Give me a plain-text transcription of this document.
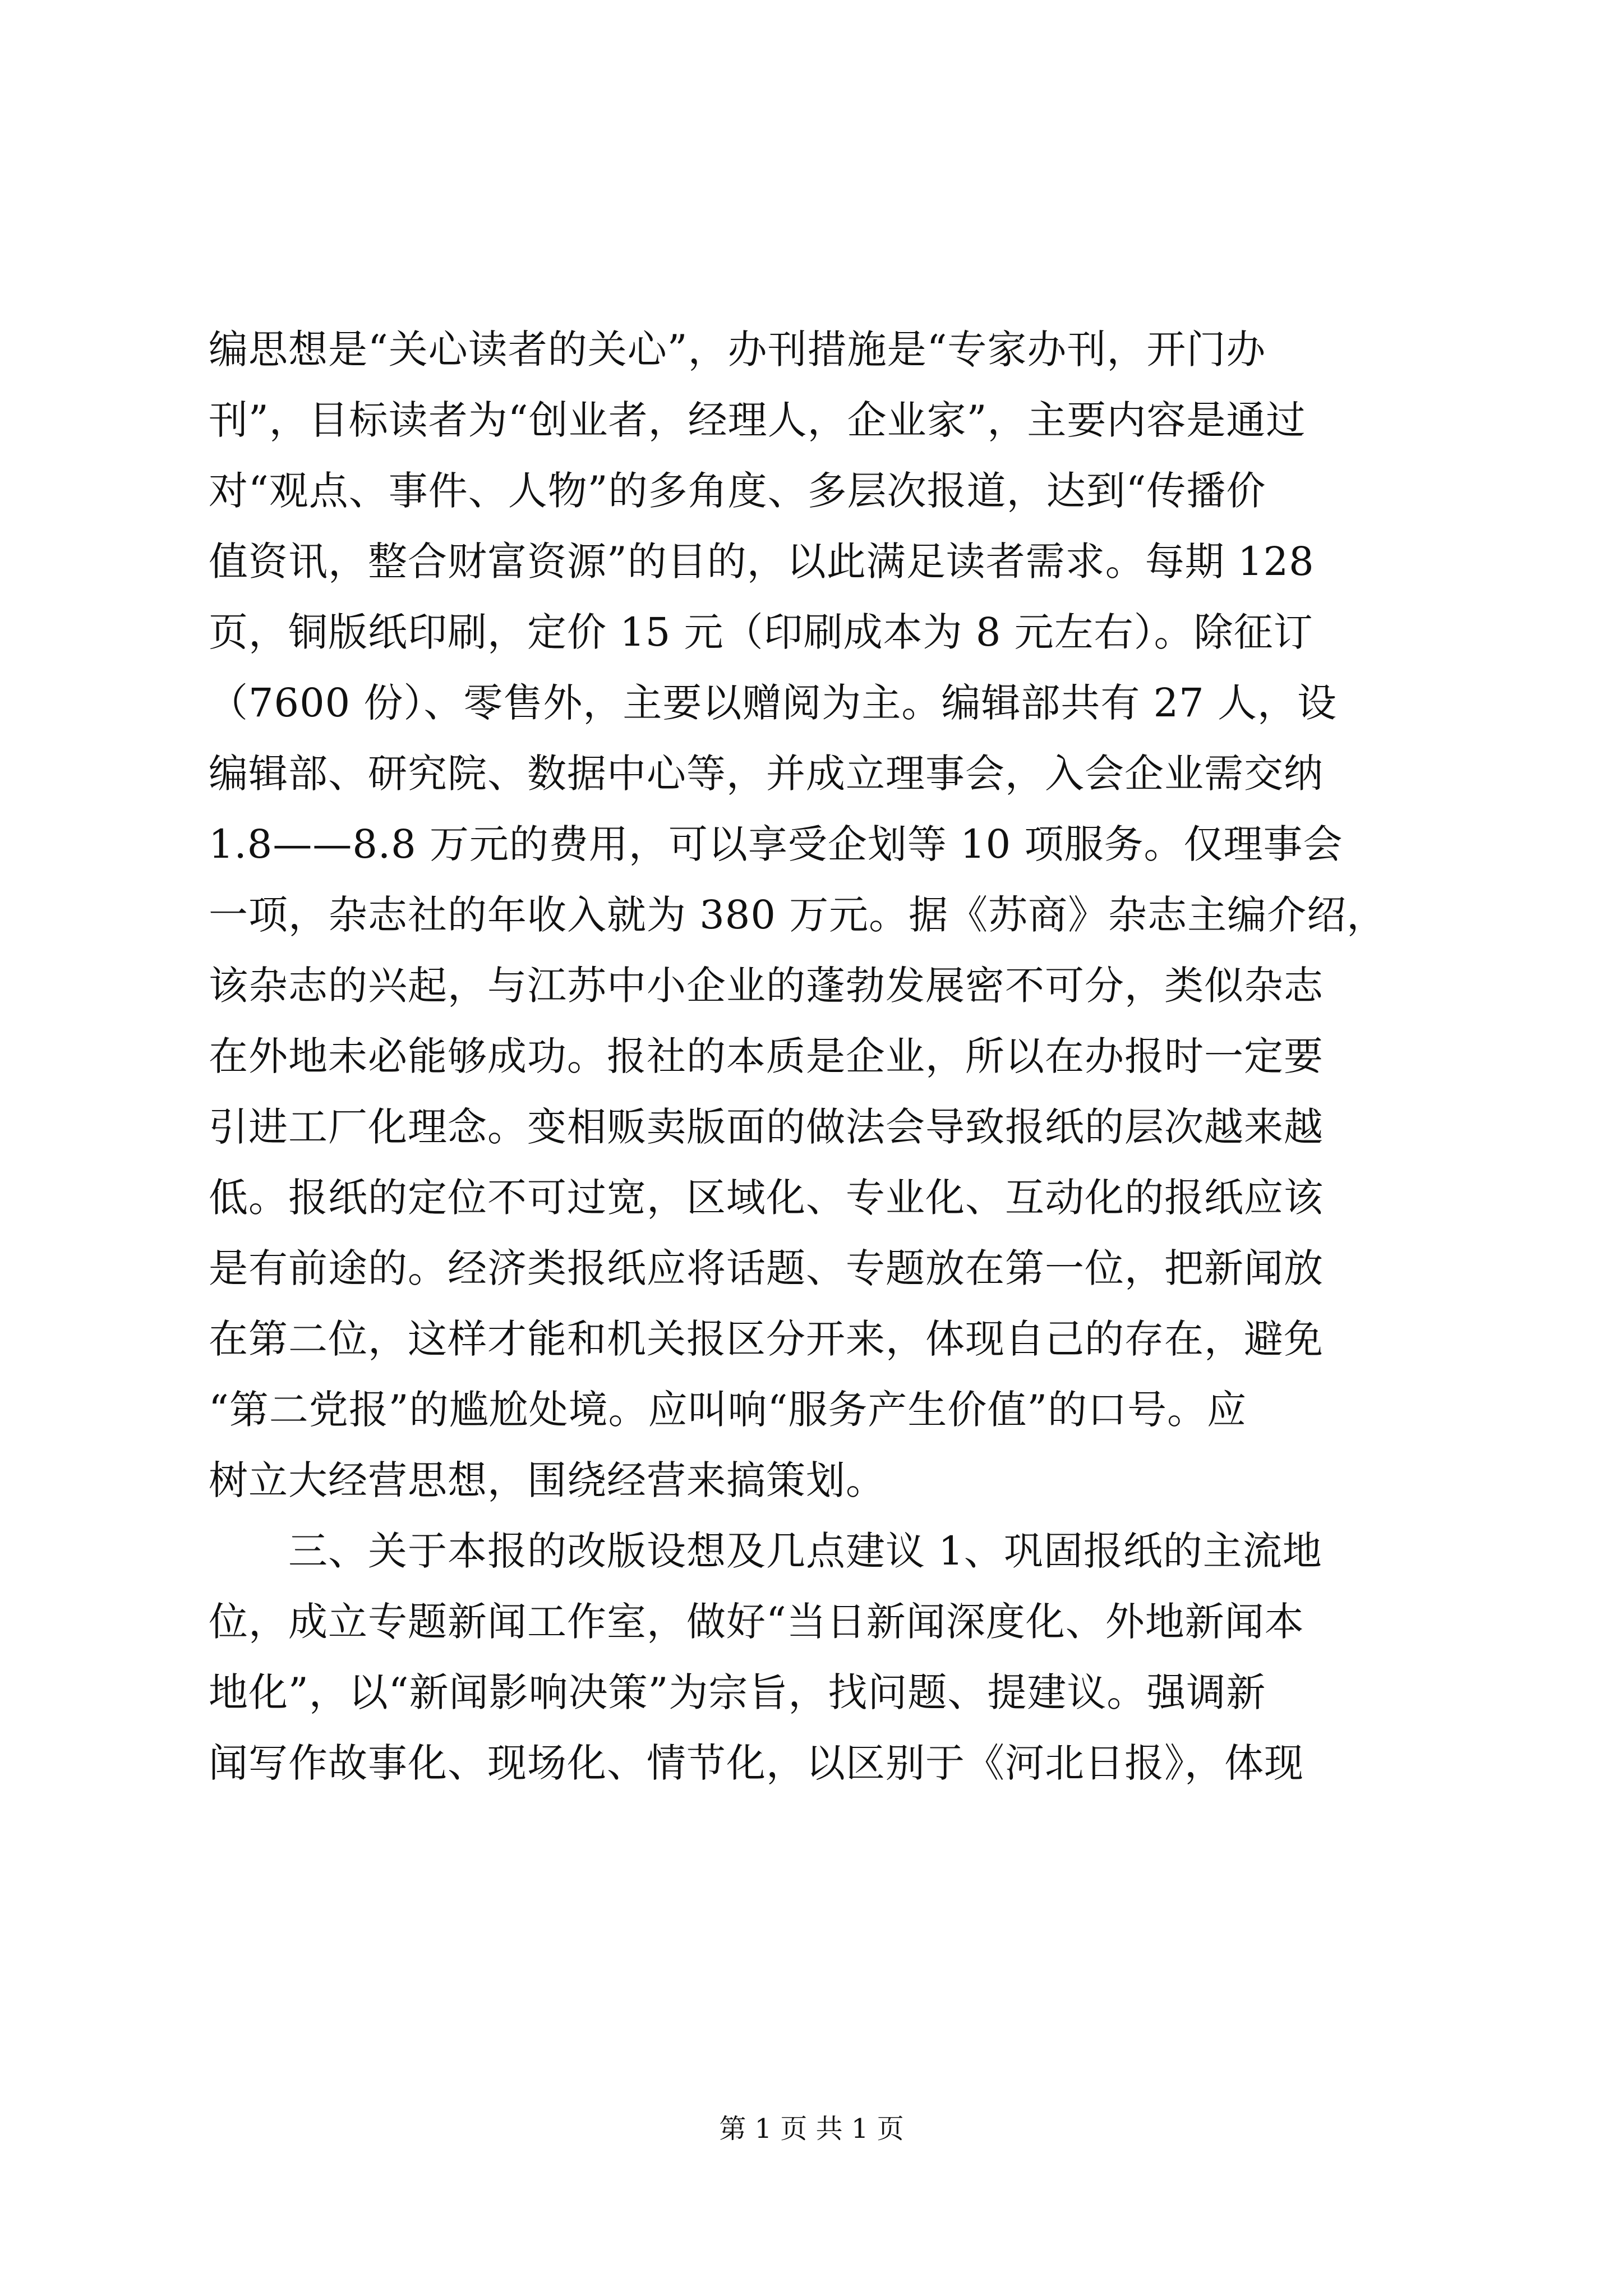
编思想是“关心读者的关心”，办刊措施是“专家办刊，开门办
刊”，目标读者为“创业者，经理人，企业家”，主要内容是通过
对“观点、事件、人物”的多角度、多层次报道，达到“传播价
值资讯，整合财富资源”的目的，以此满足读者需求。每期 128
页，铜版纸印刷，定价 15 元（印刷成本为 8 元左右）。除征订
（7600 份）、零售外，主要以赠阅为主。编辑部共有 27 人，设
编辑部、研究院、数据中心等，并成立理事会，入会企业需交纳
1.8——8.8 万元的费用，可以享受企划等 10 项服务。仅理事会
一项，杂志社的年收入就为 380 万元。据《苏商》杂志主编介绍，
该杂志的兴起，与江苏中小企业的蓬勃发展密不可分，类似杂志
在外地未必能够成功。报社的本质是企业，所以在办报时一定要
引进工厂化理念。变相贩卖版面的做法会导致报纸的层次越来越
低。报纸的定位不可过宽，区域化、专业化、互动化的报纸应该
是有前途的。经济类报纸应将话题、专题放在第一位，把新闻放
在第二位，这样才能和机关报区分开来，体现自己的存在，避免
“第二党报”的尴尬处境。应叫响“服务产生价值”的口号。应
树立大经营思想，围绕经营来搞策划。
　　三、关于本报的改版设想及几点建议 1、巩固报纸的主流地
位，成立专题新闻工作室，做好“当日新闻深度化、外地新闻本
地化”，以“新闻影响决策”为宗旨，找问题、提建议。强调新
闻写作故事化、现场化、情节化，以区别于《河北日报》，体现
第 1 页 共 1 页
